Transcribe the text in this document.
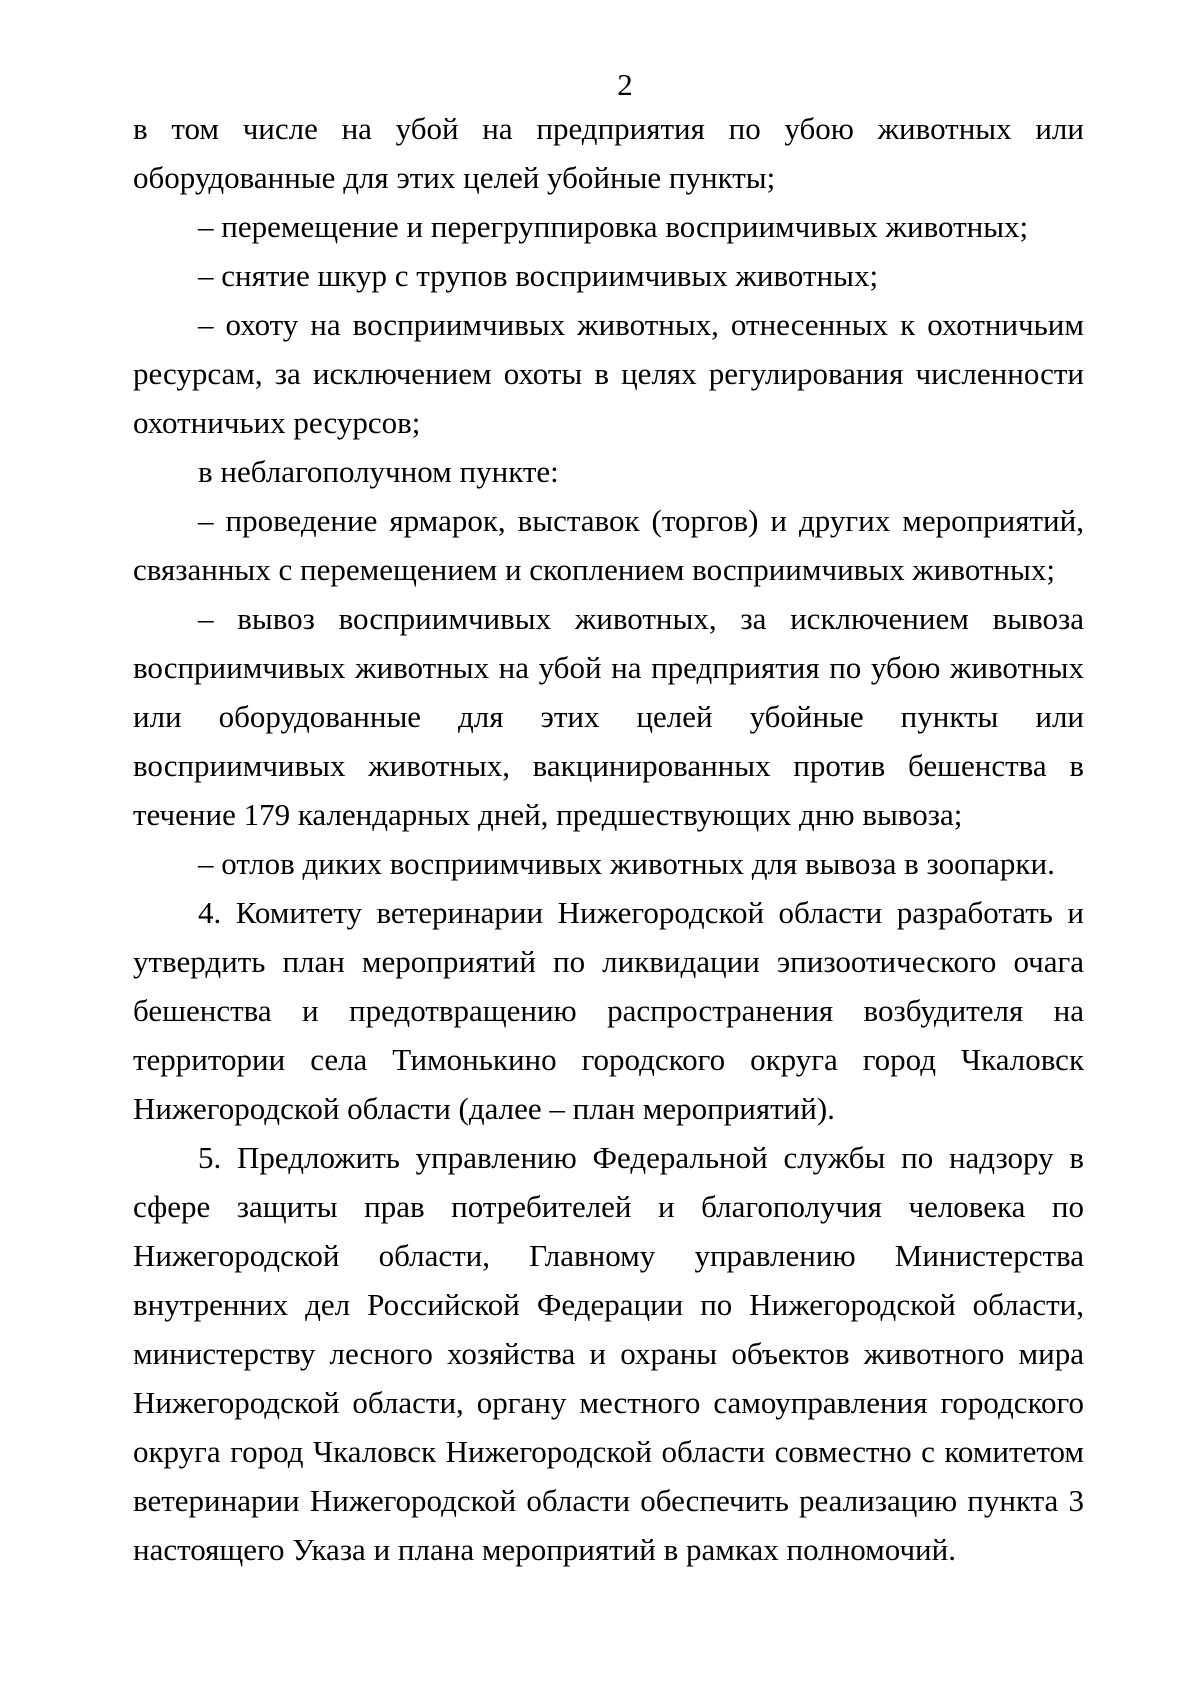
2

в том числе на убой на предприятия по убою животных или оборудованные для этих целей убойные пункты;

– перемещение и перегруппировка восприимчивых животных;

– снятие шкур с трупов восприимчивых животных;

– охоту на восприимчивых животных, отнесенных к охотничьим ресурсам, за исключением охоты в целях регулирования численности охотничьих ресурсов;

в неблагополучном пункте:

– проведение ярмарок, выставок (торгов) и других мероприятий, связанных с перемещением и скоплением восприимчивых животных;

– вывоз восприимчивых животных, за исключением вывоза восприимчивых животных на убой на предприятия по убою животных или оборудованные для этих целей убойные пункты или восприимчивых животных, вакцинированных против бешенства в течение 179 календарных дней, предшествующих дню вывоза;

– отлов диких восприимчивых животных для вывоза в зоопарки.

4. Комитету ветеринарии Нижегородской области разработать и утвердить план мероприятий по ликвидации эпизоотического очага бешенства и предотвращению распространения возбудителя на территории села Тимонькино городского округа город Чкаловск Нижегородской области (далее – план мероприятий).

5. Предложить управлению Федеральной службы по надзору в сфере защиты прав потребителей и благополучия человека по Нижегородской области, Главному управлению Министерства внутренних дел Российской Федерации по Нижегородской области, министерству лесного хозяйства и охраны объектов животного мира Нижегородской области, органу местного самоуправления городского округа город Чкаловск Нижегородской области совместно с комитетом ветеринарии Нижегородской области обеспечить реализацию пункта 3 настоящего Указа и плана мероприятий в рамках полномочий.
